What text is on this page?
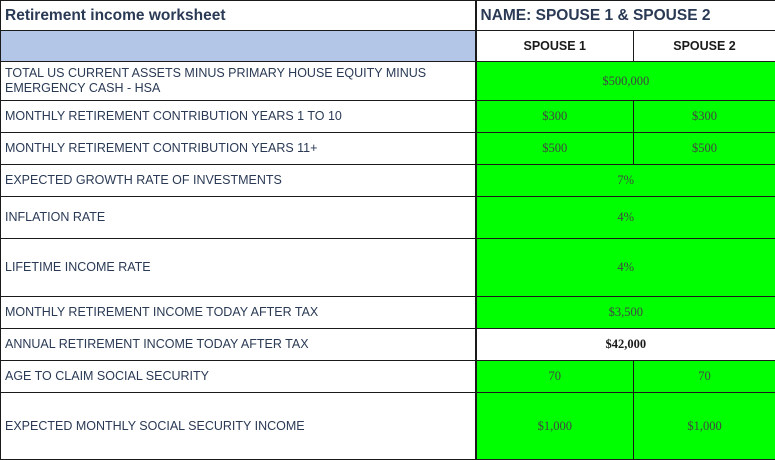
Retirement income worksheet	NAME: SPOUSE 1 & SPOUSE 2	
	SPOUSE 1	SPOUSE 2
TOTAL US CURRENT ASSETS MINUS PRIMARY HOUSE EQUITY MINUS EMERGENCY CASH - HSA	$500,000	
MONTHLY RETIREMENT CONTRIBUTION YEARS 1 TO 10	$300	$300
MONTHLY RETIREMENT CONTRIBUTION YEARS 11+	$500	$500
EXPECTED GROWTH RATE OF INVESTMENTS	7%	
INFLATION RATE	4%	
LIFETIME INCOME RATE	4%	
MONTHLY RETIREMENT INCOME TODAY AFTER TAX	$3,500	
ANNUAL RETIREMENT INCOME TODAY AFTER TAX	$42,000	
AGE TO CLAIM SOCIAL SECURITY	70	70
EXPECTED MONTHLY SOCIAL SECURITY INCOME	$1,000	$1,000
